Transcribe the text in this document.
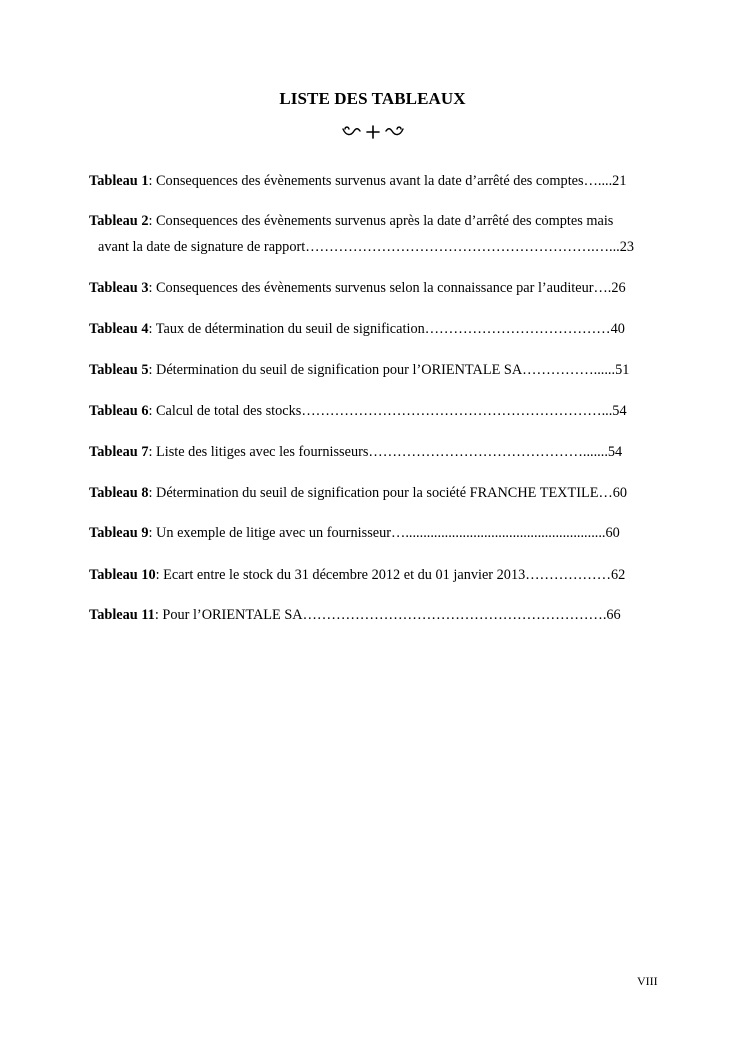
LISTE DES TABLEAUX
Tableau 1: Consequences des évènements survenus avant la date d’arrêté des comptes…....21
Tableau 2: Consequences des évènements survenus après la date d’arrêté des comptes mais
avant la date de signature de rapport…………………………………………………….…...23
Tableau 3: Consequences des évènements survenus selon la connaissance par l’auditeur….26
Tableau 4: Taux de détermination du seuil de signification…………………………………40
Tableau 5: Détermination du seuil de signification pour l’ORIENTALE SA……………......51
Tableau 6: Calcul de total des stocks………………………………………………………...54
Tableau 7: Liste des litiges avec les fournisseurs……………………………………….......54
Tableau 8: Détermination du seuil de signification pour la société FRANCHE TEXTILE…60
Tableau 9: Un exemple de litige avec un fournisseur…........................................................60
Tableau 10: Ecart entre le stock du 31 décembre 2012 et du 01 janvier 2013………………62
Tableau 11: Pour l’ORIENTALE SA……………………………………………………….66
VIII
